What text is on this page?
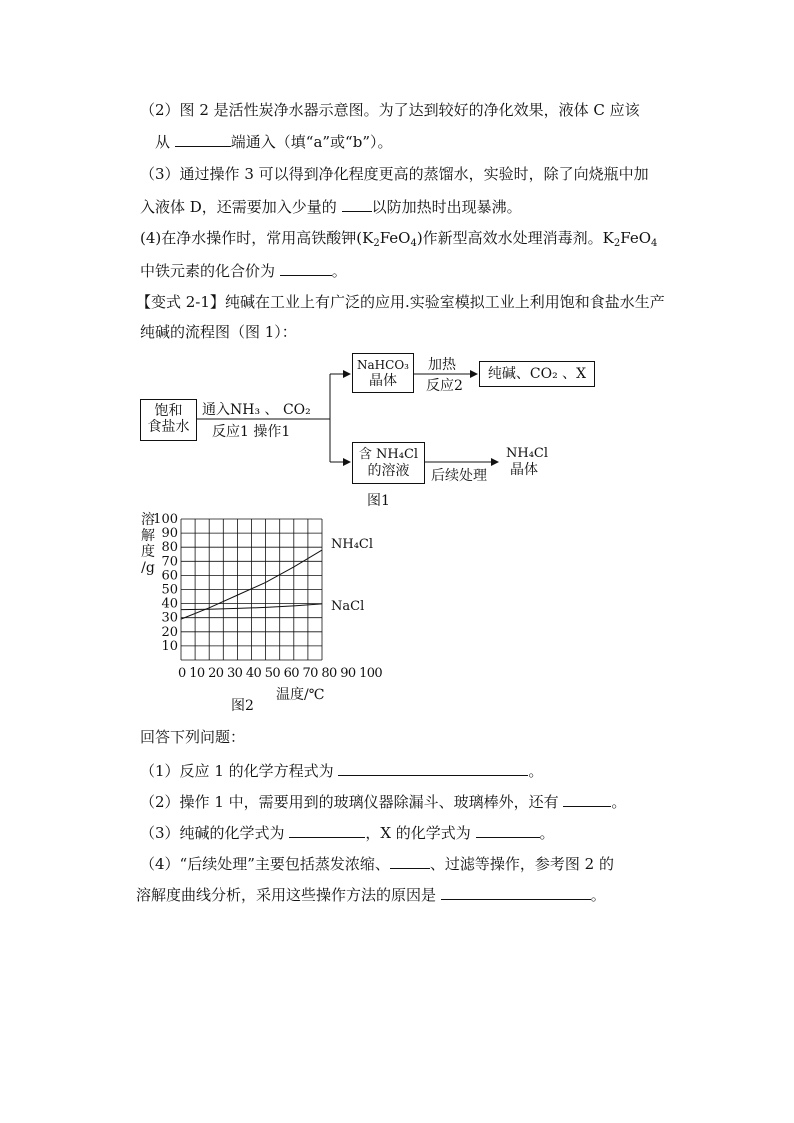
（2）图 2 是活性炭净水器示意图。为了达到较好的净化效果，液体 C 应该
从	端通入（填“a”或“b”）。
（3）通过操作 3 可以得到净化程度更高的蒸馏水，实验时，除了向烧瓶中加
入液体 D，还需要加入少量的 以防加热时出现暴沸。
(4)在净水操作时，常用高铁酸钾$(K_2FeO_4)$作新型高效水处理消毒剂。$K_2FeO_4$
中铁元素的化合价为	。
【变式 2-1】纯碱在工业上有广泛的应用.实验室模拟工业上利用饱和食盐水生产
纯碱的流程图（图 1）：
饱和
食盐水
通入NH₃ 、 CO₂
反应1 操作1
NaHCO₃
晶体
加热
反应2
纯碱、CO₂ 、X
含 NH₄Cl
的溶液	后续处理
NH₄Cl
晶体
图1
溶
解
度
/g
10
20
30
40
50
60
70
80
90
100
NH₄Cl
NaCl
0 10 20 30 40 50 60 70 80 90 100
温度/℃
图2
回答下列问题：
（1）反应 1 的化学方程式为	。
（2）操作 1 中，需要用到的玻璃仪器除漏斗、玻璃棒外，还有	。
（3）纯碱的化学式为	，X 的化学式为	。
（4）“后续处理”主要包括蒸发浓缩、	、过滤等操作，参考图 2 的
溶解度曲线分析，采用这些操作方法的原因是	。
